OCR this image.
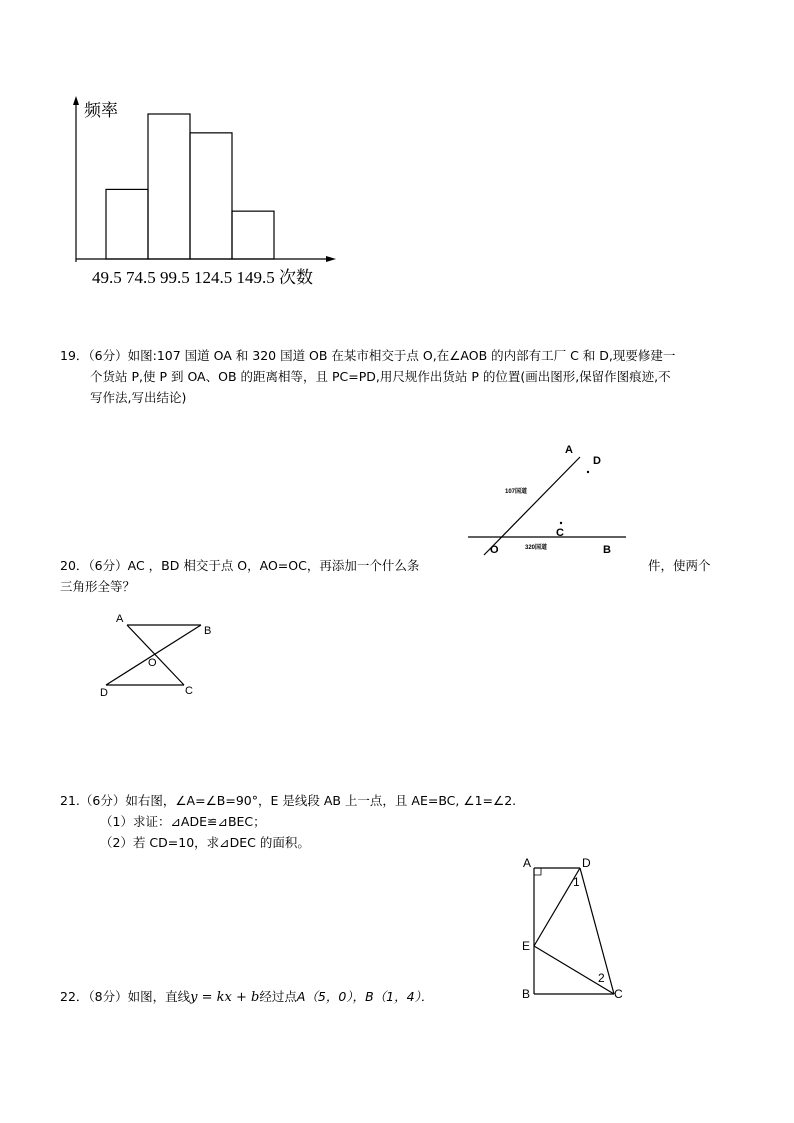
频率
49.5 74.5 99.5 124.5 149.5 次数
19．（6分）如图:107 国道 OA 和 320 国道 OB 在某市相交于点 O,在∠AOB 的内部有工厂 C 和 D,现要修建一
个货站 P,使 P 到 OA、OB 的距离相等，且 PC=PD,用尺规作出货站 P 的位置(画出图形,保留作图痕迹,不
写作法,写出结论)
A
D
C
O	B
107国道
320国道
20．（6分）AC ，BD 相交于点 O，AO=OC，再添加一个什么条	件，使两个
三角形全等？
A
B
O
D	C
21.（6分）如右图，∠A=∠B=90°，E 是线段 AB 上一点，且 AE=BC, ∠1=∠2.
（1）求证：⊿ADE≌⊿BEC；
（2）若 CD=10，求⊿DEC 的面积。
A	D
E
B	C
1
2
22．（8分）如图，直线y = kx + b经过点A（5，0），B（1，4）．
